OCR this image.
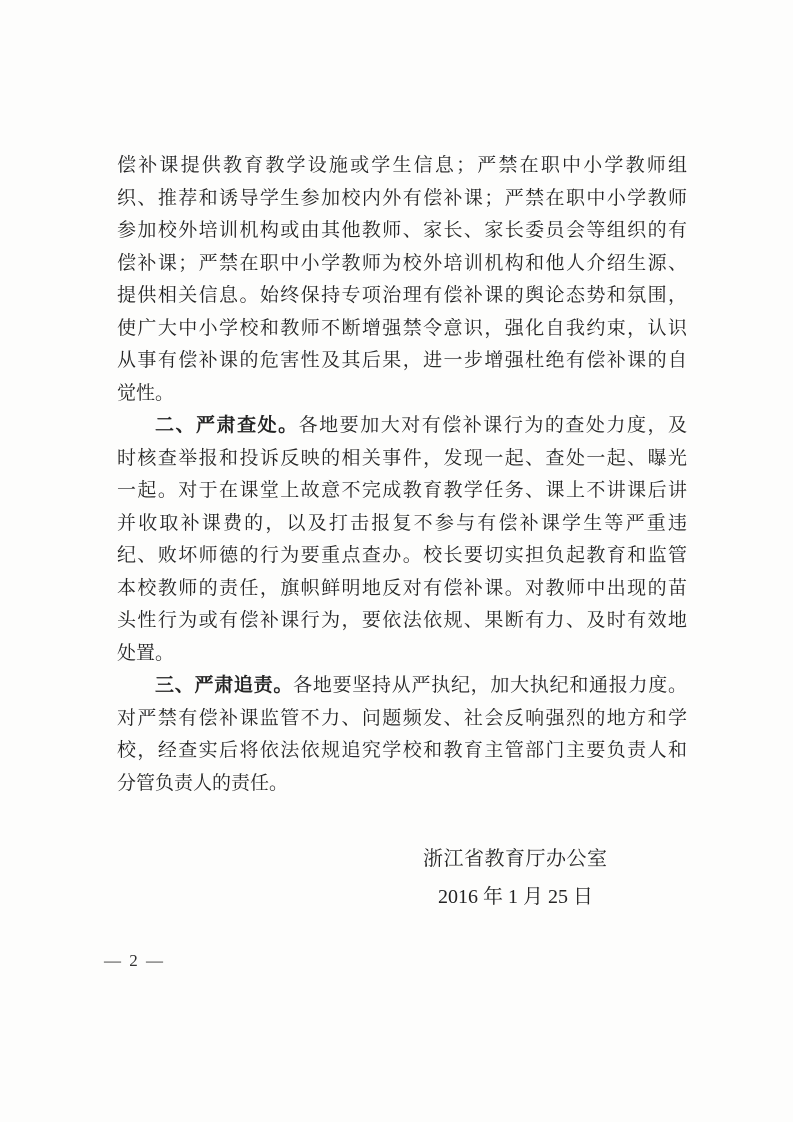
偿补课提供教育教学设施或学生信息；严禁在职中小学教师组
织、推荐和诱导学生参加校内外有偿补课；严禁在职中小学教师
参加校外培训机构或由其他教师、家长、家长委员会等组织的有
偿补课；严禁在职中小学教师为校外培训机构和他人介绍生源、
提供相关信息。始终保持专项治理有偿补课的舆论态势和氛围，
使广大中小学校和教师不断增强禁令意识，强化自我约束，认识
从事有偿补课的危害性及其后果，进一步增强杜绝有偿补课的自
觉性。
二、严肃查处。各地要加大对有偿补课行为的查处力度，及
时核查举报和投诉反映的相关事件，发现一起、查处一起、曝光
一起。对于在课堂上故意不完成教育教学任务、课上不讲课后讲
并收取补课费的，以及打击报复不参与有偿补课学生等严重违
纪、败坏师德的行为要重点查办。校长要切实担负起教育和监管
本校教师的责任，旗帜鲜明地反对有偿补课。对教师中出现的苗
头性行为或有偿补课行为，要依法依规、果断有力、及时有效地
处置。
三、严肃追责。各地要坚持从严执纪，加大执纪和通报力度。
对严禁有偿补课监管不力、问题频发、社会反响强烈的地方和学
校，经查实后将依法依规追究学校和教育主管部门主要负责人和
分管负责人的责任。
浙江省教育厅办公室
2016 年 1 月 25 日
— 2 —
